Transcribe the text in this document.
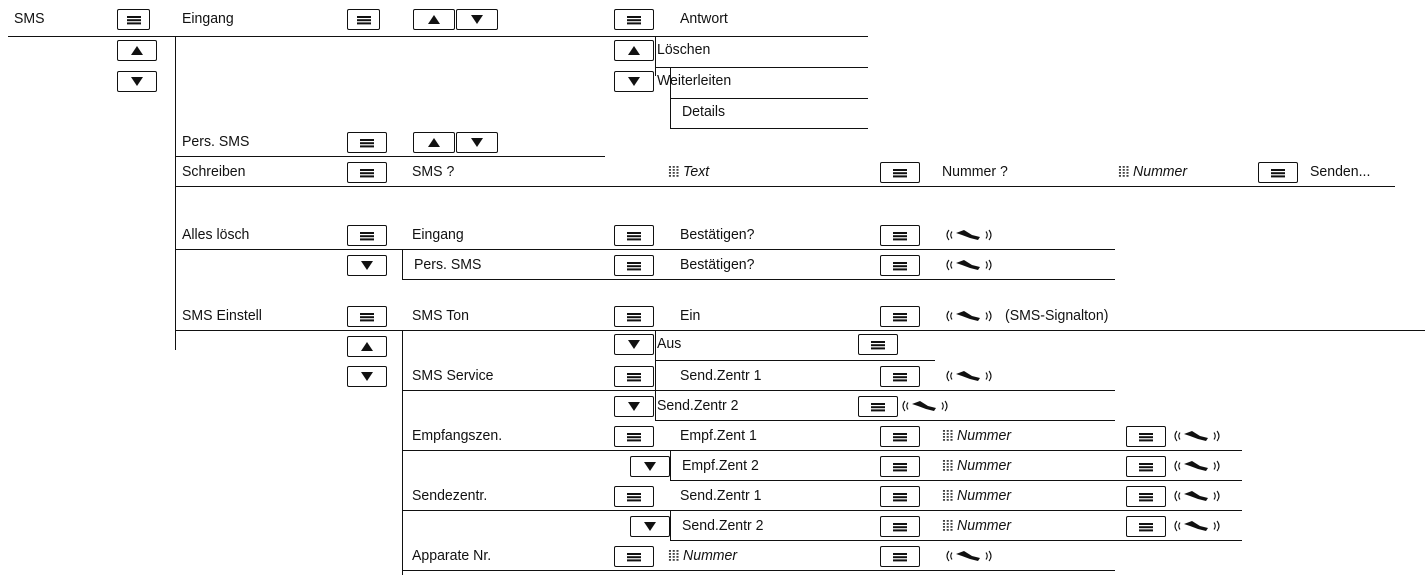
SMS	Eingang	Antwort
Löschen
Weiterleiten
Details
Pers. SMS
Schreiben	SMS ?	Text	Nummer ?	Nummer	Senden...
Alles lösch	Eingang	Bestätigen?
Pers. SMS	Bestätigen?
SMS Einstell	SMS Ton	Ein	(SMS-Signalton)
Aus
SMS Service	Send.Zentr 1
Send.Zentr 2
Empfangszen.	Empf.Zent 1	Nummer
Empf.Zent 2	Nummer
Sendezentr.	Send.Zentr 1	Nummer
Send.Zentr 2	Nummer
Apparate Nr.	Nummer
